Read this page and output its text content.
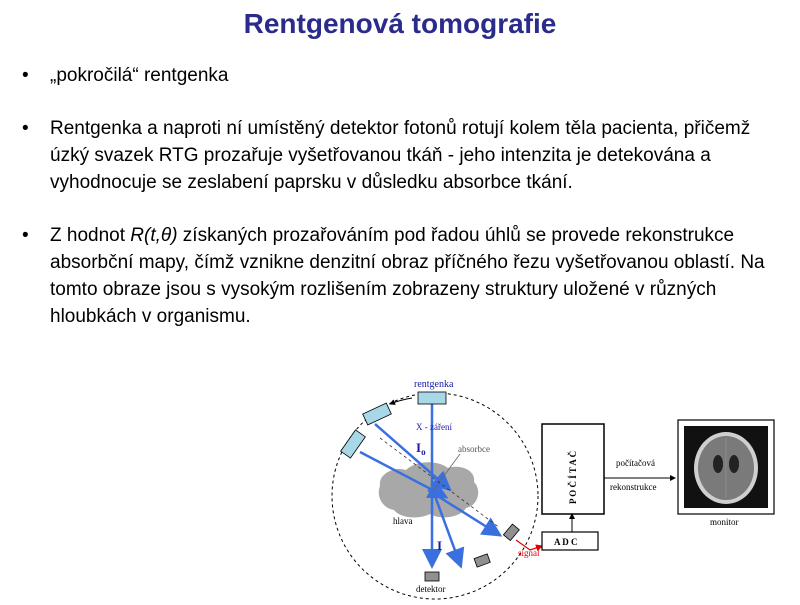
Rentgenová tomografie
• „pokročilá“ rentgenka
• Rentgenka a naproti ní umístěný detektor fotonů rotují kolem těla pacienta, přičemž úzký svazek RTG prozařuje vyšetřovanou tkáň - jeho intenzita je detekována a vyhodnocuje se zeslabení paprsku v důsledku absorbce tkání.
• Z hodnot R(t,θ) získaných prozařováním pod řadou úhlů se provede rekonstrukce absorbční mapy, čímž vznikne denzitní obraz příčného řezu vyšetřovanou oblastí. Na tomto obraze jsou s vysokým rozlišením zobrazeny struktury uložené v různých hloubkách v organismu.
rentgenka
X - záření
$I_o$	absorbce
hlava
I	signal
detektor
P O Č Í T A Č
A D C
počítačová
rekonstrukce
monitor
